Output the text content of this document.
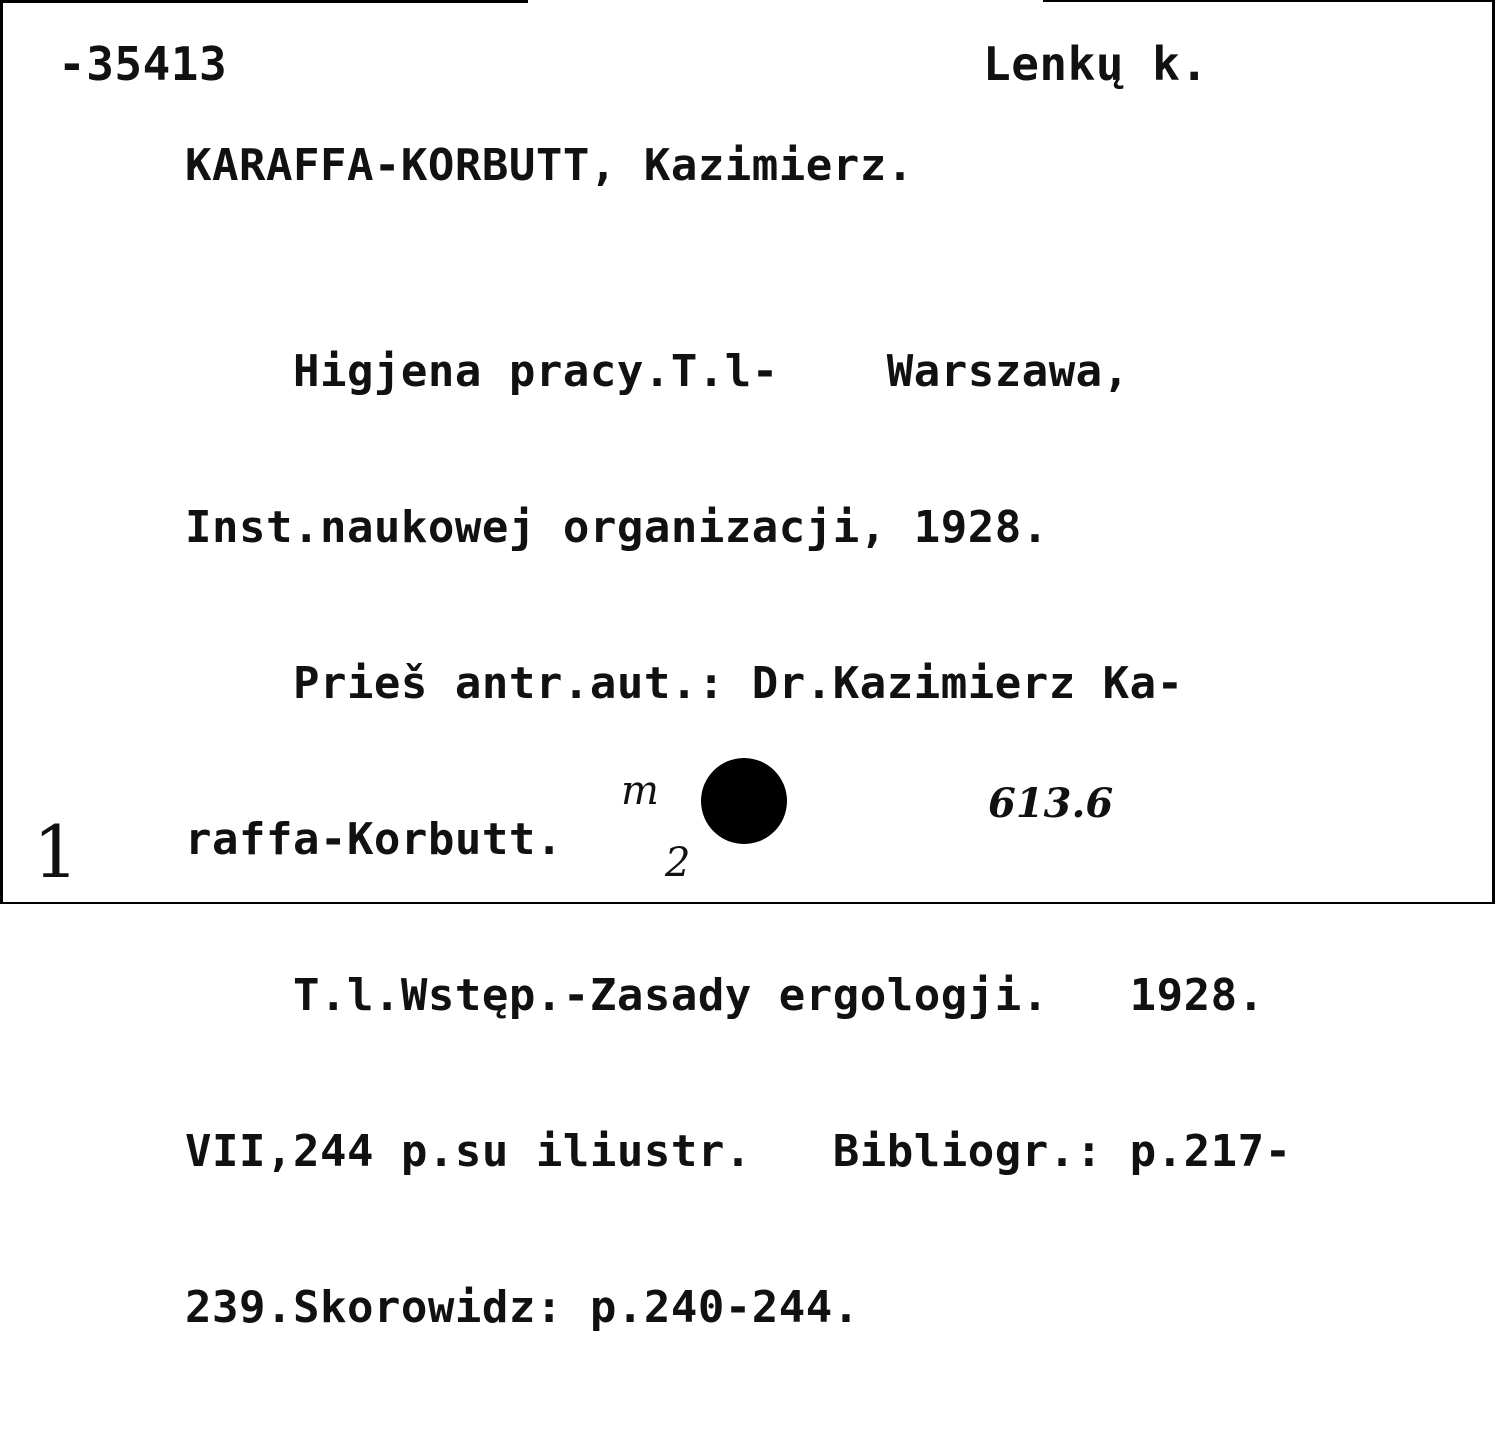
-35413	Lenkų k.
KARAFFA-KORBUTT, Kazimierz.

Higjena pracy.T.l-    Warszawa,

Inst.naukowej organizacji, 1928.

Prieš antr.aut.: Dr.Kazimierz Ka-

raffa-Korbutt.

T.l.Wstęp.-Zasady ergologji.   1928.

VII,244 p.su iliustr.   Bibliogr.: p.217-

239.Skorowidz: p.240-244.

1
m
2
613.6
